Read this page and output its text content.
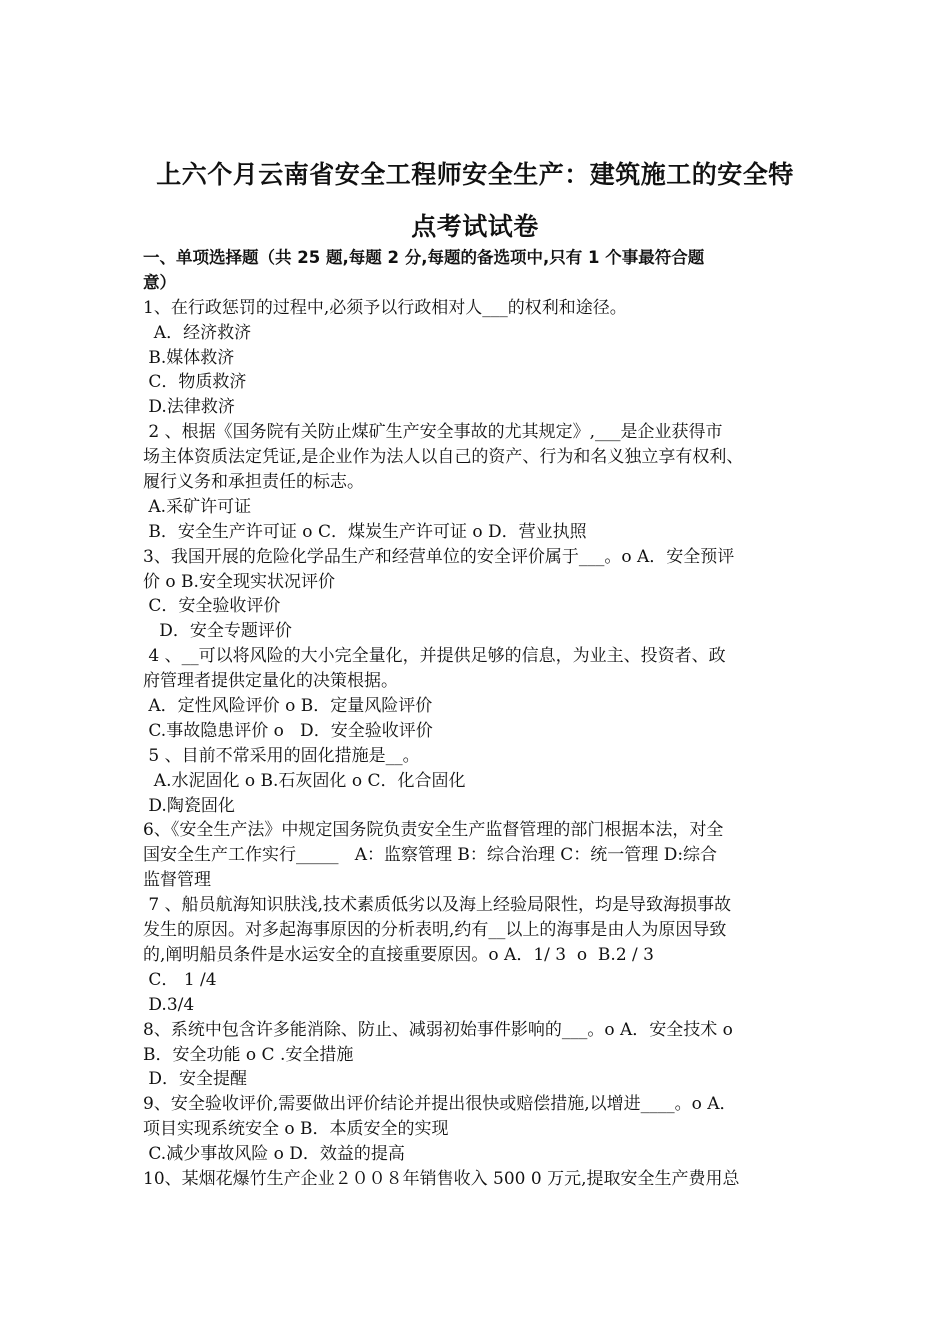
上六个月云南省安全工程师安全生产：建筑施工的安全特
点考试试卷
一、单项选择题（共 25 题,每题 2 分,每题的备选项中,只有 1 个事最符合题
意）
1、在行政惩罚的过程中,必须予以行政相对人___的权利和途径。
A．经济救济
B.媒体救济
C．物质救济
D.法律救济
2 、根据《国务院有关防止煤矿生产安全事故的尤其规定》,___是企业获得市
场主体资质法定凭证,是企业作为法人以自己的资产、行为和名义独立享有权利、
履行义务和承担责任的标志。
A.采矿许可证
B．安全生产许可证 o C．煤炭生产许可证 o D．营业执照
3、我国开展的危险化学品生产和经营单位的安全评价属于___。o A．安全预评
价 o B.安全现实状况评价
C．安全验收评价
D．安全专题评价
4 、__可以将风险的大小完全量化，并提供足够的信息，为业主、投资者、政
府管理者提供定量化的决策根据。
A．定性风险评价 o B．定量风险评价
C.事故隐患评价 o   D．安全验收评价
5 、目前不常采用的固化措施是__。
A.水泥固化 o B.石灰固化 o C．化合固化
D.陶瓷固化
6、《安全生产法》中规定国务院负责安全生产监督管理的部门根据本法，对全
国安全生产工作实行_____   A：监察管理 B：综合治理 C：统一管理 D:综合
监督管理
7 、船员航海知识肤浅,技术素质低劣以及海上经验局限性，均是导致海损事故
发生的原因。对多起海事原因的分析表明,约有__以上的海事是由人为原因导致
的,阐明船员条件是水运安全的直接重要原因。o A．1/ 3  o  B.2 / 3
C． 1 /4
D.3/4
8、系统中包含许多能消除、防止、减弱初始事件影响的___。o A．安全技术 o
B．安全功能 o C .安全措施
D．安全提醒
9、安全验收评价,需要做出评价结论并提出很快或赔偿措施,以增进____。o A．
项目实现系统安全 o B．本质安全的实现
C.减少事故风险 o D．效益的提高
10、某烟花爆竹生产企业２００８年销售收入 500 0 万元,提取安全生产费用总
